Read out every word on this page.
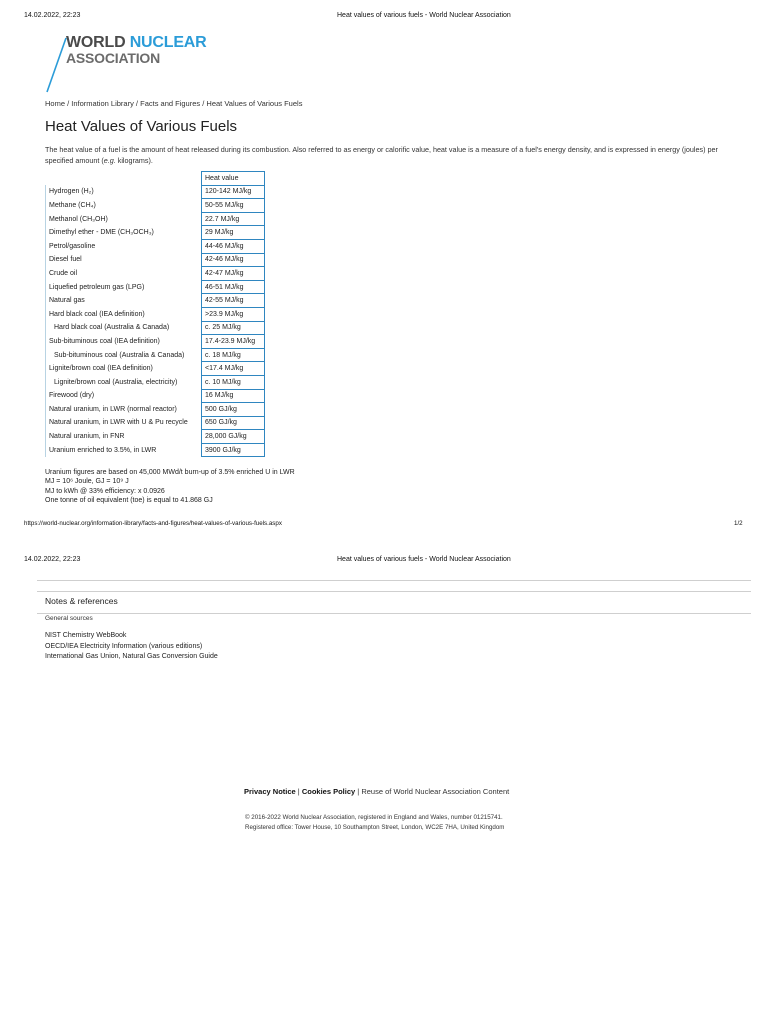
14.02.2022, 22:23	Heat values of various fuels - World Nuclear Association
WORLD NUCLEAR
ASSOCIATION
Home / Information Library / Facts and Figures / Heat Values of Various Fuels
Heat Values of Various Fuels
The heat value of a fuel is the amount of heat released during its combustion. Also referred to as energy or calorific value, heat value is a measure of a fuel's energy density, and is expressed in energy (joules) per specified amount (e.g. kilograms).
	Heat value
Hydrogen (H₂)	120-142 MJ/kg
Methane (CH₄)	50-55 MJ/kg
Methanol (CH₃OH)	22.7 MJ/kg
Dimethyl ether - DME (CH₃OCH₃)	29 MJ/kg
Petrol/gasoline	44-46 MJ/kg
Diesel fuel	42-46 MJ/kg
Crude oil	42-47 MJ/kg
Liquefied petroleum gas (LPG)	46-51 MJ/kg
Natural gas	42-55 MJ/kg
Hard black coal (IEA definition)	>23.9 MJ/kg
Hard black coal (Australia & Canada)	c. 25 MJ/kg
Sub-bituminous coal (IEA definition)	17.4-23.9 MJ/kg
Sub-bituminous coal (Australia & Canada)	c. 18 MJ/kg
Lignite/brown coal (IEA definition)	<17.4 MJ/kg
Lignite/brown coal (Australia, electricity)	c. 10 MJ/kg
Firewood (dry)	16 MJ/kg
Natural uranium, in LWR (normal reactor)	500 GJ/kg
Natural uranium, in LWR with U & Pu recycle	650 GJ/kg
Natural uranium, in FNR	28,000 GJ/kg
Uranium enriched to 3.5%, in LWR	3900 GJ/kg
Uranium figures are based on 45,000 MWd/t burn-up of 3.5% enriched U in LWR
MJ = 10⁶ Joule, GJ = 10⁹ J
MJ to kWh @ 33% efficiency: x 0.0926
One tonne of oil equivalent (toe) is equal to 41.868 GJ
https://world-nuclear.org/information-library/facts-and-figures/heat-values-of-various-fuels.aspx	1/2
14.02.2022, 22:23	Heat values of various fuels - World Nuclear Association
Notes & references
General sources
NIST Chemistry WebBook
OECD/IEA Electricity Information (various editions)
International Gas Union, Natural Gas Conversion Guide
Privacy Notice | Cookies Policy | Reuse of World Nuclear Association Content
© 2016-2022 World Nuclear Association, registered in England and Wales, number 01215741.
Registered office: Tower House, 10 Southampton Street, London, WC2E 7HA, United Kingdom
